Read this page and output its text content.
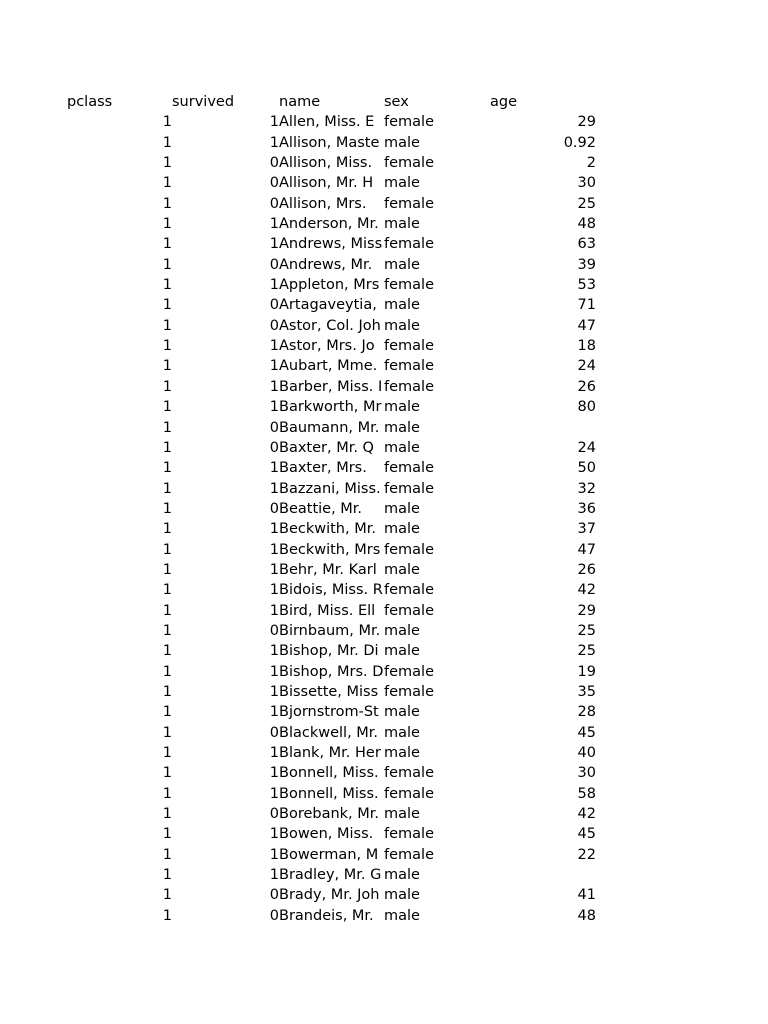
pclass	survived	name	sex	age
1	1	Allen, Miss. E	female	29
1	1	Allison, Maste	male	0.92
1	0	Allison, Miss.	female	2
1	0	Allison, Mr. H	male	30
1	0	Allison, Mrs.	female	25
1	1	Anderson, Mr.	male	48
1	1	Andrews, Miss	female	63
1	0	Andrews, Mr.	male	39
1	1	Appleton, Mrs	female	53
1	0	Artagaveytia,	male	71
1	0	Astor, Col. Joh	male	47
1	1	Astor, Mrs. Jo	female	18
1	1	Aubart, Mme.	female	24
1	1	Barber, Miss. I	female	26
1	1	Barkworth, Mr	male	80
1	0	Baumann, Mr.	male	
1	0	Baxter, Mr. Q	male	24
1	1	Baxter, Mrs.	female	50
1	1	Bazzani, Miss.	female	32
1	0	Beattie, Mr.	male	36
1	1	Beckwith, Mr.	male	37
1	1	Beckwith, Mrs	female	47
1	1	Behr, Mr. Karl	male	26
1	1	Bidois, Miss. R	female	42
1	1	Bird, Miss. Ell	female	29
1	0	Birnbaum, Mr.	male	25
1	1	Bishop, Mr. Di	male	25
1	1	Bishop, Mrs. D	female	19
1	1	Bissette, Miss	female	35
1	1	Bjornstrom-St	male	28
1	0	Blackwell, Mr.	male	45
1	1	Blank, Mr. Her	male	40
1	1	Bonnell, Miss.	female	30
1	1	Bonnell, Miss.	female	58
1	0	Borebank, Mr.	male	42
1	1	Bowen, Miss.	female	45
1	1	Bowerman, M	female	22
1	1	Bradley, Mr. G	male	
1	0	Brady, Mr. Joh	male	41
1	0	Brandeis, Mr.	male	48
